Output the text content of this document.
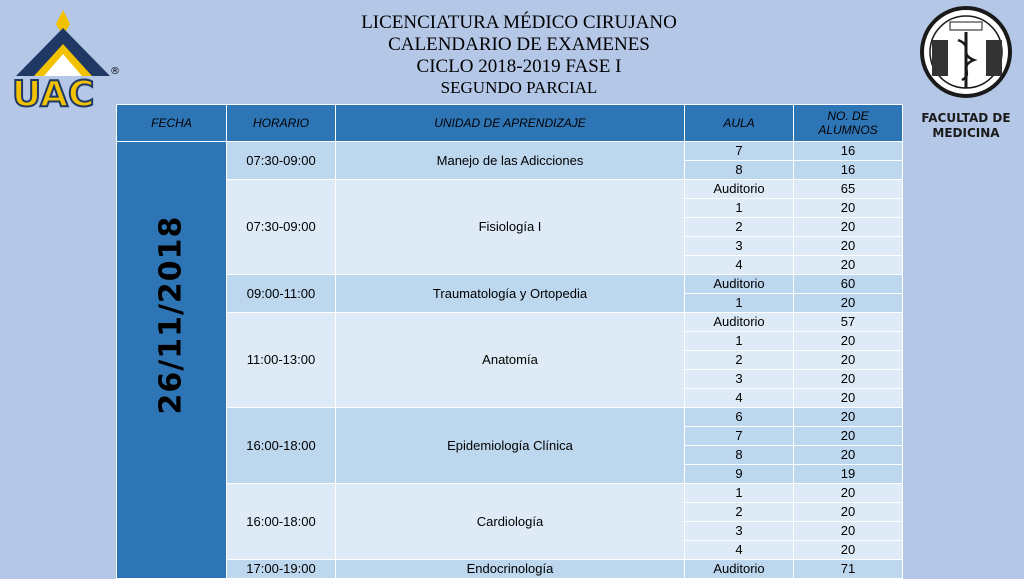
UAC
®
FACULTAD DE
MEDICINA
LICENCIATURA MÉDICO CIRUJANO
CALENDARIO DE EXAMENES
CICLO 2018-2019 FASE I
SEGUNDO PARCIAL
FECHA	HORARIO	UNIDAD DE APRENDIZAJE	AULA	NO. DE ALUMNOS

26/11/2018	07:30-09:00	Manejo de las Adicciones	7	16
			8	16
	07:30-09:00	Fisiología I	Auditorio	65
			1	20
			2	20
			3	20
			4	20
	09:00-11:00	Traumatología y Ortopedia	Auditorio	60
			1	20
	11:00-13:00	Anatomía	Auditorio	57
			1	20
			2	20
			3	20
			4	20
	16:00-18:00	Epidemiología Clínica	6	20
			7	20
			8	20
			9	19
	16:00-18:00	Cardiología	1	20
			2	20
			3	20
			4	20
	17:00-19:00	Endocrinología	Auditorio	71
